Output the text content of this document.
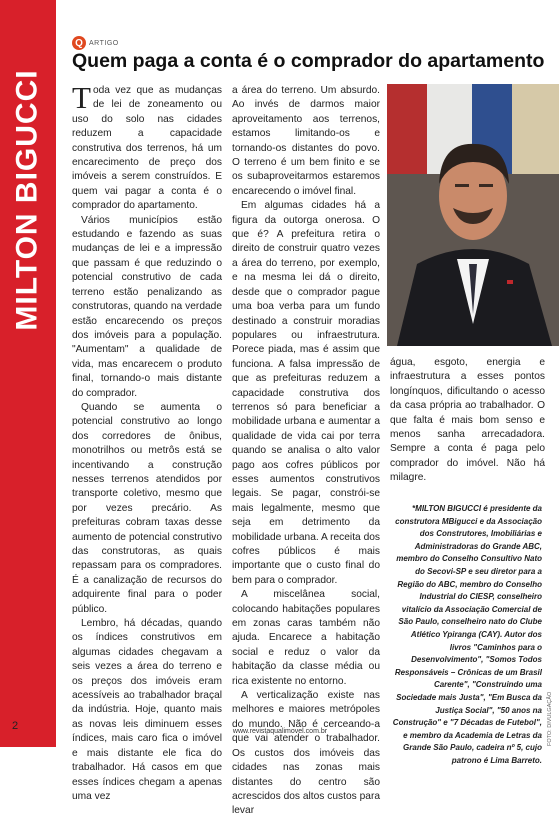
MILTON BIGUCCI
Q ARTIGO
Quem paga a conta é o comprador do apartamento

Toda vez que as mudanças de lei de zoneamento ou uso do solo nas cidades reduzem a capacidade construtiva dos terrenos, há um encarecimento de preço dos imóveis a serem construídos. E quem vai pagar a conta é o comprador do apartamento.

Vários municípios estão estudando e fazendo as suas mudanças de lei e a impressão que passam é que reduzindo o potencial construtivo de cada terreno estão penalizando as construtoras, quando na verdade estão encarecendo os preços dos imóveis para a população. "Aumentam" a qualidade de vida, mas encarecem o produto final, tornando-o mais distante do comprador.

Quando se aumenta o potencial construtivo ao longo dos corredores de ônibus, monotrilhos ou metrôs está se incentivando a construção nesses terrenos atendidos por transporte coletivo, mesmo que por vezes precário. As prefeituras cobram taxas desse aumento de potencial construtivo das construtoras, as quais repassam para os compradores. É a canalização de recursos do adquirente final para o poder público.

Lembro, há décadas, quando os índices construtivos em algumas cidades chegavam a seis vezes a área do terreno e os preços dos imóveis eram acessíveis ao trabalhador braçal da indústria. Hoje, quanto mais as novas leis diminuem esses índices, mais caro fica o imóvel e mais distante ele fica do trabalhador. Há casos em que esses índices chegam a apenas uma vez

a área do terreno. Um absurdo. Ao invés de darmos maior aproveitamento aos terrenos, estamos limitando-os e tornando-os distantes do povo. O terreno é um bem finito e se os subaproveitarmos estaremos encarecendo o imóvel final.

Em algumas cidades há a figura da outorga onerosa. O que é? A prefeitura retira o direito de construir quatro vezes a área do terreno, por exemplo, e na mesma lei dá o direito, desde que o comprador pague uma boa verba para um fundo destinado a construir moradias populares ou infraestrutura. Porece piada, mas é assim que funciona. A falsa impressão de que as prefeituras reduzem a capacidade construtiva dos terrenos só para beneficiar a mobilidade urbana e aumentar a qualidade de vida cai por terra quando se analisa o alto valor pago aos cofres públicos por esses aumentos construtivos legais. Se pagar, constrói-se mais legalmente, mesmo que seja em detrimento da mobilidade urbana. A receita dos cofres públicos é mais importante que o custo final do bem para o comprador.

A miscelânea social, colocando habitações populares em zonas caras também não ajuda. Encarece a habitação social e reduz o valor da habitação da classe média ou rica existente no entorno.

A verticalização existe nas melhores e maiores metrópoles do mundo. Não é cerceando-a que vai atender o trabalhador. Os custos dos imóveis das cidades nas zonas mais distantes do centro são acrescidos dos altos custos para levar

água, esgoto, energia e infraestrutura a esses pontos longínquos, dificultando o acesso da casa própria ao trabalhador. O que falta é mais bom senso e menos sanha arrecadadora. Sempre a conta é paga pelo comprador do imóvel. Não há milagre.

*MILTON BIGUCCI é presidente da construtora MBigucci e da Associação dos Construtores, Imobiliárias e Administradoras do Grande ABC, membro do Conselho Consultivo Nato do Secovi-SP e seu diretor para a Região do ABC, membro do Conselho Industrial do CIESP, conselheiro vitalício da Associação Comercial de São Paulo, conselheiro nato do Clube Atlético Ypiranga (CAY). Autor dos livros "Caminhos para o Desenvolvimento", "Somos Todos Responsáveis – Crônicas de um Brasil Carente", "Construindo uma Sociedade mais Justa", "Em Busca da Justiça Social", "50 anos na Construção" e "7 Décadas de Futebol", e membro da Academia de Letras da Grande São Paulo, cadeira nº 5, cujo patrono é Lima Barreto.
FOTO: DIVULGAÇÃO
2	www.revistaqualimovel.com.br
